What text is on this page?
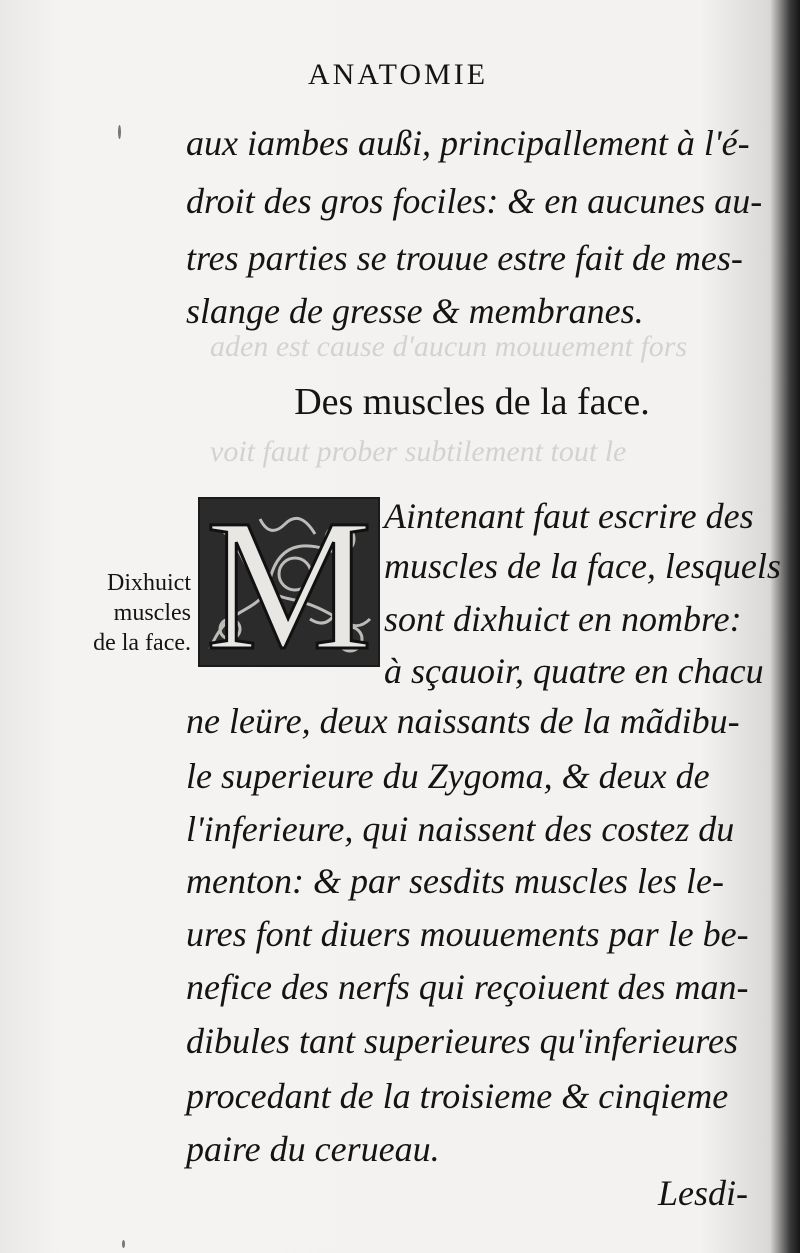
aden est cause d'aucun mouuement fors
voit faut prober subtilement tout le
ANATOMIE
aux iambes außi, principallement à l'é-
droit des gros fociles: & en aucunes au-
tres parties se trouue estre fait de mes-
slange de gresse & membranes.
Des muscles de la face.
Dixhuict
muscles
de la face. M Aintenant faut escrire des
muscles de la face, lesquels
sont dixhuict en nombre:
à sçauoir, quatre en chacu
ne leüre, deux naissants de la mãdibu-
le superieure du Zygoma, & deux de
l'inferieure, qui naissent des costez du
menton: & par sesdits muscles les le-
ures font diuers mouuements par le be-
nefice des nerfs qui reçoiuent des man-
dibules tant superieures qu'inferieures
procedant de la troisieme & cinqieme
paire du cerueau.
Lesdi-
